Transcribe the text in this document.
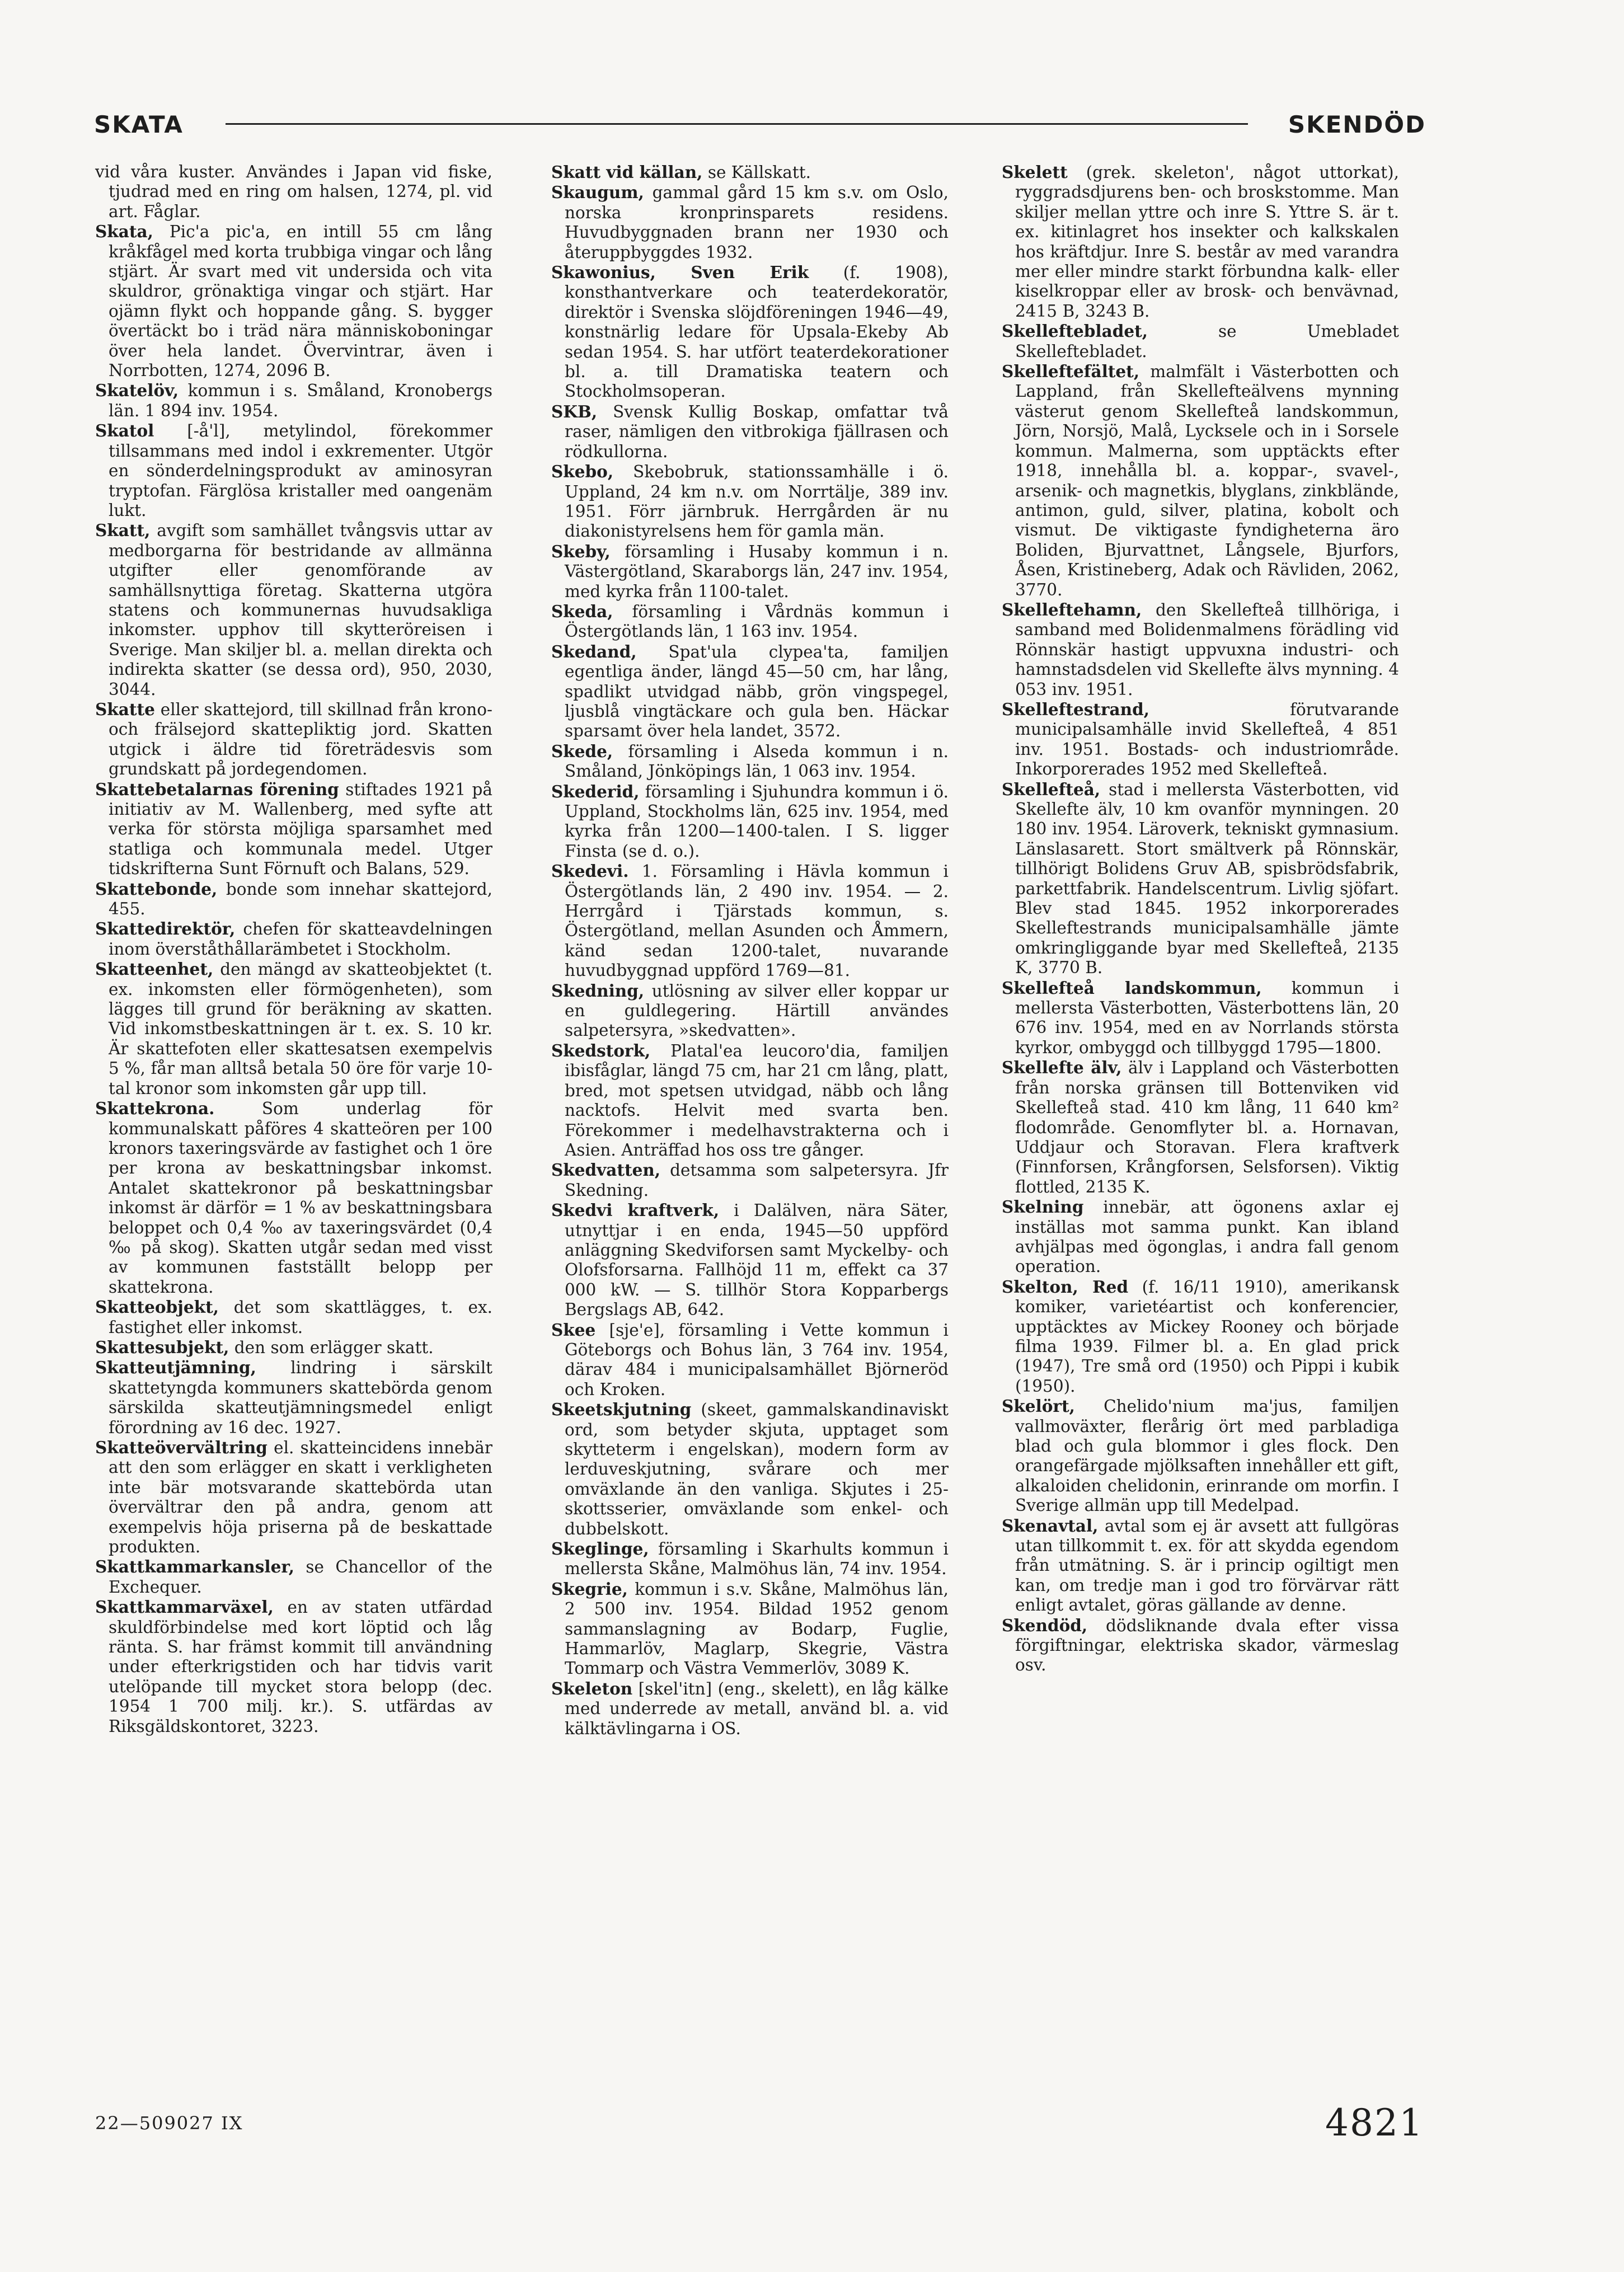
SKATA	SKENDÖD

vid våra kuster. Användes i Japan vid fiske, tjudrad med en ring om halsen, 1274, pl. vid art. Fåglar.

Skata, Pic'a pic'a, en intill 55 cm lång kråkfågel med korta trubbiga vingar och lång stjärt. Är svart med vit undersida och vita skuldror, grönaktiga vingar och stjärt. Har ojämn flykt och hoppande gång. S. bygger övertäckt bo i träd nära människoboningar över hela landet. Övervintrar, även i Norrbotten, 1274, 2096 B.

Skatelöv, kommun i s. Småland, Kronobergs län. 1 894 inv. 1954.

Skatol [-å'l], metylindol, förekommer tillsammans med indol i exkrementer. Utgör en sönderdelningsprodukt av aminosyran tryptofan. Färglösa kristaller med oangenäm lukt.

Skatt, avgift som samhället tvångsvis uttar av medborgarna för bestridande av allmänna utgifter eller genomförande av samhällsnyttiga företag. Skatterna utgöra statens och kommunernas huvudsakliga inkomster. upphov till skytteröreisen i Sverige. Man skiljer bl. a. mellan direkta och indirekta skatter (se dessa ord), 950, 2030, 3044.

Skatte eller skattejord, till skillnad från krono- och frälsejord skattepliktig jord. Skatten utgick i äldre tid företrädesvis som grundskatt på jordegendomen.

Skattebetalarnas förening stiftades 1921 på initiativ av M. Wallenberg, med syfte att verka för största möjliga sparsamhet med statliga och kommunala medel. Utger tidskrifterna Sunt Förnuft och Balans, 529.

Skattebonde, bonde som innehar skattejord, 455.

Skattedirektör, chefen för skatteavdelningen inom överståthållarämbetet i Stockholm.

Skatteenhet, den mängd av skatteobjektet (t. ex. inkomsten eller förmögenheten), som lägges till grund för beräkning av skatten. Vid inkomstbeskattningen är t. ex. S. 10 kr. Är skattefoten eller skattesatsen exempelvis 5 %, får man alltså betala 50 öre för varje 10-tal kronor som inkomsten går upp till.

Skattekrona. Som underlag för kommunalskatt påföres 4 skatteören per 100 kronors taxeringsvärde av fastighet och 1 öre per krona av beskattningsbar inkomst. Antalet skattekronor på beskattningsbar inkomst är därför = 1 % av beskattningsbara beloppet och 0,4 ‰ av taxeringsvärdet (0,4 ‰ på skog). Skatten utgår sedan med visst av kommunen fastställt belopp per skattekrona.

Skatteobjekt, det som skattlägges, t. ex. fastighet eller inkomst.

Skattesubjekt, den som erlägger skatt.

Skatteutjämning, lindring i särskilt skattetyngda kommuners skattebörda genom särskilda skatteutjämningsmedel enligt förordning av 16 dec. 1927.

Skatteövervältring el. skatteincidens innebär att den som erlägger en skatt i verkligheten inte bär motsvarande skattebörda utan övervältrar den på andra, genom att exempelvis höja priserna på de beskattade produkten.

Skattkammarkansler, se Chancellor of the Exchequer.

Skattkammarväxel, en av staten utfärdad skuldförbindelse med kort löptid och låg ränta. S. har främst kommit till användning under efterkrigstiden och har tidvis varit utelöpande till mycket stora belopp (dec. 1954 1 700 milj. kr.). S. utfärdas av Riksgäldskontoret, 3223.

Skatt vid källan, se Källskatt.

Skaugum, gammal gård 15 km s.v. om Oslo, norska kronprinsparets residens. Huvudbyggnaden brann ner 1930 och återuppbyggdes 1932.

Skawonius, Sven Erik (f. 1908), konsthantverkare och teaterdekoratör, direktör i Svenska slöjdföreningen 1946—49, konstnärlig ledare för Upsala-Ekeby Ab sedan 1954. S. har utfört teaterdekorationer bl. a. till Dramatiska teatern och Stockholmsoperan.

SKB, Svensk Kullig Boskap, omfattar två raser, nämligen den vitbrokiga fjällrasen och rödkullorna.

Skebo, Skebobruk, stationssamhälle i ö. Uppland, 24 km n.v. om Norrtälje, 389 inv. 1951. Förr järnbruk. Herrgården är nu diakonistyrelsens hem för gamla män.

Skeby, församling i Husaby kommun i n. Västergötland, Skaraborgs län, 247 inv. 1954, med kyrka från 1100-talet.

Skeda, församling i Vårdnäs kommun i Östergötlands län, 1 163 inv. 1954.

Skedand, Spat'ula clypea'ta, familjen egentliga änder, längd 45—50 cm, har lång, spadlikt utvidgad näbb, grön vingspegel, ljusblå vingtäckare och gula ben. Häckar sparsamt över hela landet, 3572.

Skede, församling i Alseda kommun i n. Småland, Jönköpings län, 1 063 inv. 1954.

Skederid, församling i Sjuhundra kommun i ö. Uppland, Stockholms län, 625 inv. 1954, med kyrka från 1200—1400-talen. I S. ligger Finsta (se d. o.).

Skedevi. 1. Församling i Hävla kommun i Östergötlands län, 2 490 inv. 1954. — 2. Herrgård i Tjärstads kommun, s. Östergötland, mellan Asunden och Åmmern, känd sedan 1200-talet, nuvarande huvudbyggnad uppförd 1769—81.

Skedning, utlösning av silver eller koppar ur en guldlegering. Härtill användes salpetersyra, »skedvatten».

Skedstork, Platal'ea leucoro'dia, familjen ibisfåglar, längd 75 cm, har 21 cm lång, platt, bred, mot spetsen utvidgad, näbb och lång nacktofs. Helvit med svarta ben. Förekommer i medelhavstrakterna och i Asien. Anträffad hos oss tre gånger.

Skedvatten, detsamma som salpetersyra. Jfr Skedning.

Skedvi kraftverk, i Dalälven, nära Säter, utnyttjar i en enda, 1945—50 uppförd anläggning Skedviforsen samt Myckelby- och Olofsforsarna. Fallhöjd 11 m, effekt ca 37 000 kW. — S. tillhör Stora Kopparbergs Bergslags AB, 642.

Skee [sje'e], församling i Vette kommun i Göteborgs och Bohus län, 3 764 inv. 1954, därav 484 i municipalsamhället Björneröd och Kroken.

Skeetskjutning (skeet, gammalskandinaviskt ord, som betyder skjuta, upptaget som skytteterm i engelskan), modern form av lerduveskjutning, svårare och mer omväxlande än den vanliga. Skjutes i 25-skottsserier, omväxlande som enkel- och dubbelskott.

Skeglinge, församling i Skarhults kommun i mellersta Skåne, Malmöhus län, 74 inv. 1954.

Skegrie, kommun i s.v. Skåne, Malmöhus län, 2 500 inv. 1954. Bildad 1952 genom sammanslagning av Bodarp, Fuglie, Hammarlöv, Maglarp, Skegrie, Västra Tommarp och Västra Vemmerlöv, 3089 K.

Skeleton [skel'itn] (eng., skelett), en låg kälke med underrede av metall, använd bl. a. vid kälktävlingarna i OS.

Skelett (grek. skeleton', något uttorkat), ryggradsdjurens ben- och broskstomme. Man skiljer mellan yttre och inre S. Yttre S. är t. ex. kitinlagret hos insekter och kalkskalen hos kräftdjur. Inre S. består av med varandra mer eller mindre starkt förbundna kalk- eller kiselkroppar eller av brosk- och benvävnad, 2415 B, 3243 B.

Skelleftebladet, se Umebladet Skelleftebladet.

Skelleftefältet, malmfält i Västerbotten och Lappland, från Skellefteälvens mynning västerut genom Skellefteå landskommun, Jörn, Norsjö, Malå, Lycksele och in i Sorsele kommun. Malmerna, som upptäckts efter 1918, innehålla bl. a. koppar-, svavel-, arsenik- och magnetkis, blyglans, zinkblände, antimon, guld, silver, platina, kobolt och vismut. De viktigaste fyndigheterna äro Boliden, Bjurvattnet, Långsele, Bjurfors, Åsen, Kristineberg, Adak och Rävliden, 2062, 3770.

Skelleftehamn, den Skellefteå tillhöriga, i samband med Bolidenmalmens förädling vid Rönnskär hastigt uppvuxna industri- och hamnstadsdelen vid Skellefte älvs mynning. 4 053 inv. 1951.

Skelleftestrand, förutvarande municipalsamhälle invid Skellefteå, 4 851 inv. 1951. Bostads- och industriområde. Inkorporerades 1952 med Skellefteå.

Skellefteå, stad i mellersta Västerbotten, vid Skellefte älv, 10 km ovanför mynningen. 20 180 inv. 1954. Läroverk, tekniskt gymnasium. Länslasarett. Stort smältverk på Rönnskär, tillhörigt Bolidens Gruv AB, spisbrödsfabrik, parkettfabrik. Handelscentrum. Livlig sjöfart. Blev stad 1845. 1952 inkorporerades Skelleftestrands municipalsamhälle jämte omkringliggande byar med Skellefteå, 2135 K, 3770 B.

Skellefteå landskommun, kommun i mellersta Västerbotten, Västerbottens län, 20 676 inv. 1954, med en av Norrlands största kyrkor, ombyggd och tillbyggd 1795—1800.

Skellefte älv, älv i Lappland och Västerbotten från norska gränsen till Bottenviken vid Skellefteå stad. 410 km lång, 11 640 km² flodområde. Genomflyter bl. a. Hornavan, Uddjaur och Storavan. Flera kraftverk (Finnforsen, Krångforsen, Selsforsen). Viktig flottled, 2135 K.

Skelning innebär, att ögonens axlar ej inställas mot samma punkt. Kan ibland avhjälpas med ögonglas, i andra fall genom operation.

Skelton, Red (f. 16/11 1910), amerikansk komiker, varietéartist och konferencier, upptäcktes av Mickey Rooney och började filma 1939. Filmer bl. a. En glad prick (1947), Tre små ord (1950) och Pippi i kubik (1950).

Skelört, Chelido'nium ma'jus, familjen vallmoväxter, flerårig ört med parbladiga blad och gula blommor i gles flock. Den orangefärgade mjölksaften innehåller ett gift, alkaloiden chelidonin, erinrande om morfin. I Sverige allmän upp till Medelpad.

Skenavtal, avtal som ej är avsett att fullgöras utan tillkommit t. ex. för att skydda egendom från utmätning. S. är i princip ogiltigt men kan, om tredje man i god tro förvärvar rätt enligt avtalet, göras gällande av denne.

Skendöd, dödsliknande dvala efter vissa förgiftningar, elektriska skador, värmeslag osv.

22—509027 IX	4821
